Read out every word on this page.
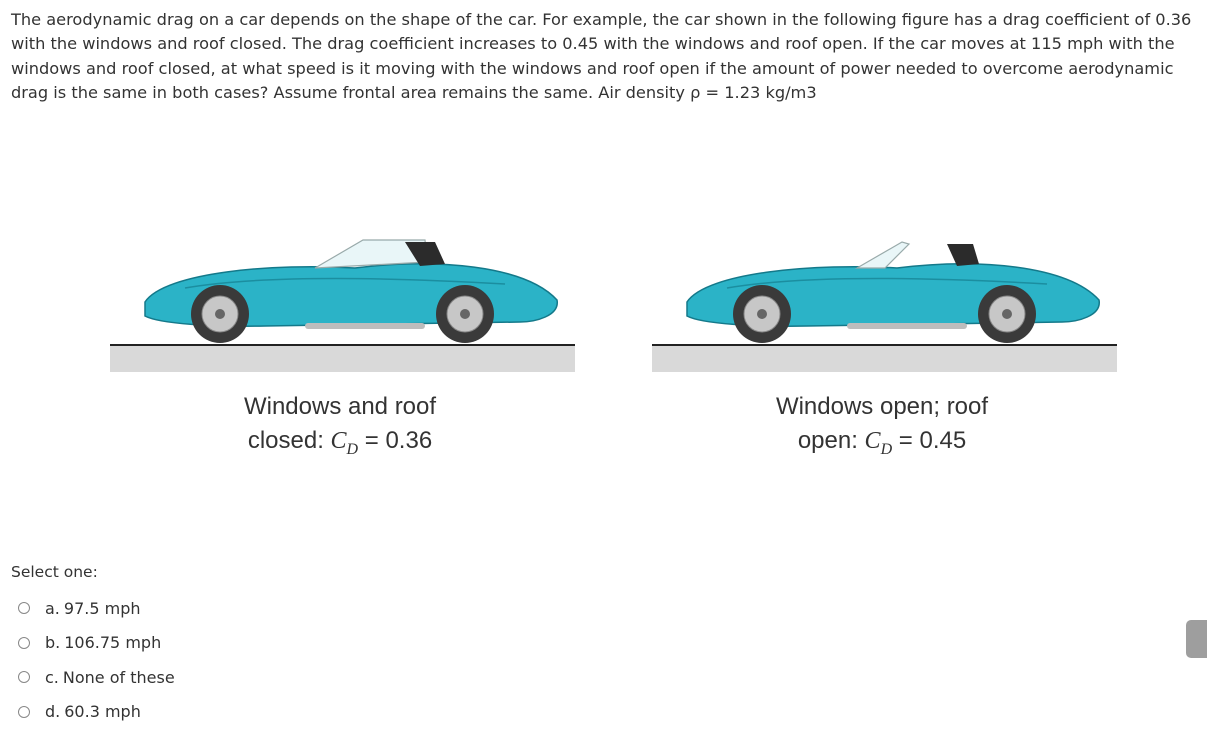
The aerodynamic drag on a car depends on the shape of the car. For example, the car shown in the following figure has a drag coefficient of 0.36 with the windows and roof closed. The drag coefficient increases to 0.45 with the windows and roof open. If the car moves at 115 mph with the windows and roof closed, at what speed is it moving with the windows and roof open if the amount of power needed to overcome aerodynamic drag is the same in both cases? Assume frontal area remains the same. Air density ρ = 1.23 kg/m3

Windows and roof
closed: $C_D = 0.36$
Windows open; roof
open: $C_D = 0.45$
Select one:
a. 97.5 mph
b. 106.75 mph
c. None of these
d. 60.3 mph
